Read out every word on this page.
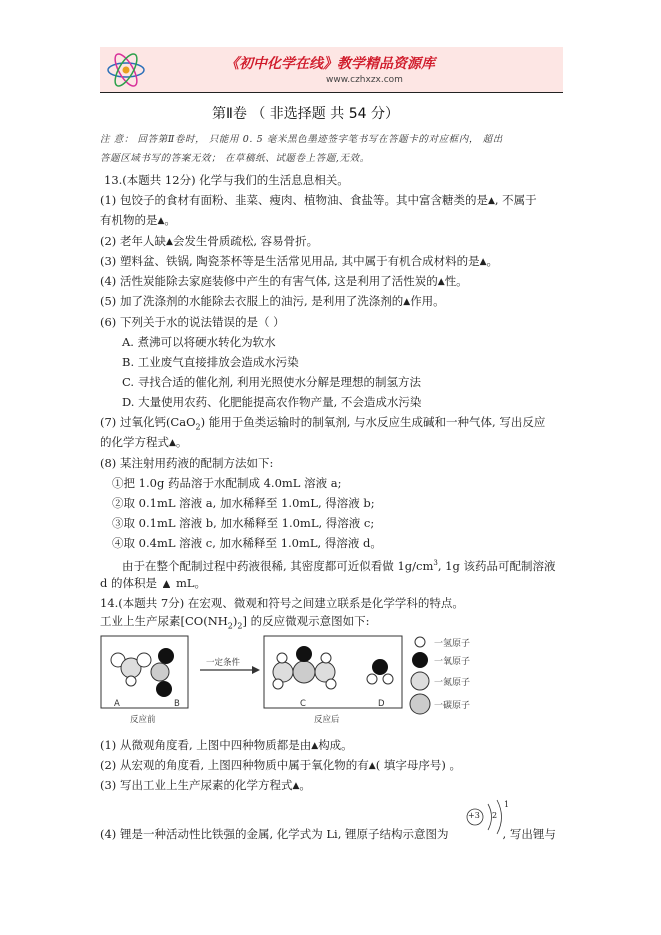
《初中化学在线》教学精品资源库
www.czhxzx.com
第Ⅱ卷 （ 非选择题 共 54 分）
注 意： 回答第Ⅱ卷时， 只能用 0. 5 毫米黑色墨迹签字笔书写在答题卡的对应框内， 超出
答题区域书写的答案无效； 在草稿纸、试题卷上答题,无效。
13.(本题共 12分) 化学与我们的生活息息相关。
(1) 包饺子的食材有面粉、韭菜、瘦肉、植物油、食盐等。其中富含糖类的是▲, 不属于
有机物的是▲。
(2) 老年人缺▲会发生骨质疏松, 容易骨折。
(3) 塑料盆、铁锅, 陶瓷茶杯等是生活常见用品, 其中属于有机合成材料的是▲。
(4) 活性炭能除去家庭装修中产生的有害气体, 这是利用了活性炭的▲性。
(5) 加了洗涤剂的水能除去衣服上的油污, 是利用了洗涤剂的▲作用。
(6) 下列关于水的说法错误的是（ ）
A. 煮沸可以将硬水转化为软水
B. 工业废气直接排放会造成水污染
C. 寻找合适的催化剂, 利用光照使水分解是理想的制氢方法
D. 大量使用农药、化肥能提高农作物产量, 不会造成水污染
(7) 过氧化钙(CaO$_2$) 能用于鱼类运输时的制氧剂, 与水反应生成碱和一种气体, 写出反应
的化学方程式▲。
(8) 某注射用药液的配制方法如下:
①把 1.0g 药品溶于水配制成 4.0mL 溶液 a;
②取 0.1mL 溶液 a, 加水稀释至 1.0mL, 得溶液 b;
③取 0.1mL 溶液 b, 加水稀释至 1.0mL, 得溶液 c;
④取 0.4mL 溶液 c, 加水稀释至 1.0mL, 得溶液 d。
由于在整个配制过程中药液很稀, 其密度都可近似看做 $1g/cm^3$, 1g 该药品可配制溶液
d 的体积是 ▲ mL。
14.(本题共 7分) 在宏观、微观和符号之间建立联系是化学学科的特点。
工业上生产尿素$[CO(NH_2)_2]$ 的反应微观示意图如下:
A	B	C	D
一定条件
反应前	反应后
一氢原子
一氧原子
一氮原子
一碳原子
(1) 从微观角度看, 上图中四种物质都是由▲构成。
(2) 从宏观的角度看, 上图四种物质中属于氧化物的有▲( 填字母序号) 。
(3) 写出工业上生产尿素的化学方程式▲。
+3 2
1
(4) 锂是一种活动性比铁强的金属, 化学式为 Li, 锂原子结构示意图为	, 写出锂与
